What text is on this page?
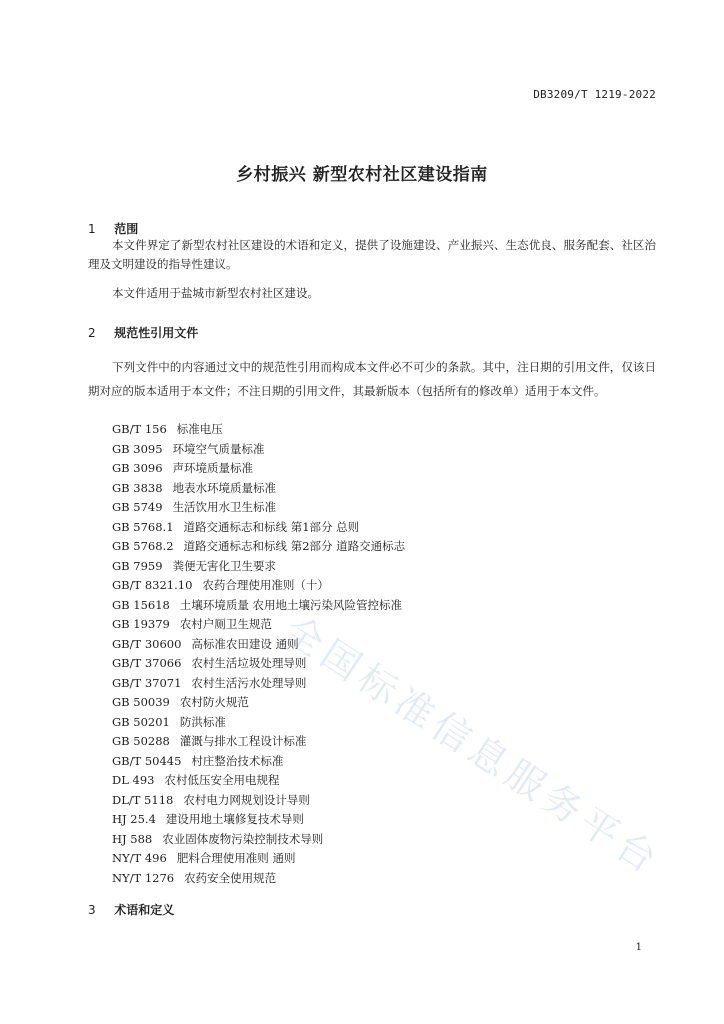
DB3209/T 1219-2022
乡村振兴 新型农村社区建设指南
1 范围

本文件界定了新型农村社区建设的术语和定义，提供了设施建设、产业振兴、生态优良、服务配套、社区治理及文明建设的指导性建议。

本文件适用于盐城市新型农村社区建设。

2 规范性引用文件

下列文件中的内容通过文中的规范性引用而构成本文件必不可少的条款。其中，注日期的引用文件，仅该日期对应的版本适用于本文件；不注日期的引用文件，其最新版本（包括所有的修改单）适用于本文件。

GB/T 156 标准电压
GB 3095 环境空气质量标准
GB 3096 声环境质量标准
GB 3838 地表水环境质量标准
GB 5749 生活饮用水卫生标准
GB 5768.1 道路交通标志和标线 第1部分 总则
GB 5768.2 道路交通标志和标线 第2部分 道路交通标志
GB 7959 粪便无害化卫生要求
GB/T 8321.10 农药合理使用准则（十）
GB 15618 土壤环境质量 农用地土壤污染风险管控标准
GB 19379 农村户厕卫生规范
GB/T 30600 高标准农田建设 通则
GB/T 37066 农村生活垃圾处理导则
GB/T 37071 农村生活污水处理导则
GB 50039 农村防火规范
GB 50201 防洪标准
GB 50288 灌溉与排水工程设计标准
GB/T 50445 村庄整治技术标准
DL 493 农村低压安全用电规程
DL/T 5118 农村电力网规划设计导则
HJ 25.4 建设用地土壤修复技术导则
HJ 588 农业固体废物污染控制技术导则
NY/T 496 肥料合理使用准则 通则
NY/T 1276 农药安全使用规范
3 术语和定义
全国标准信息服务平台
1
